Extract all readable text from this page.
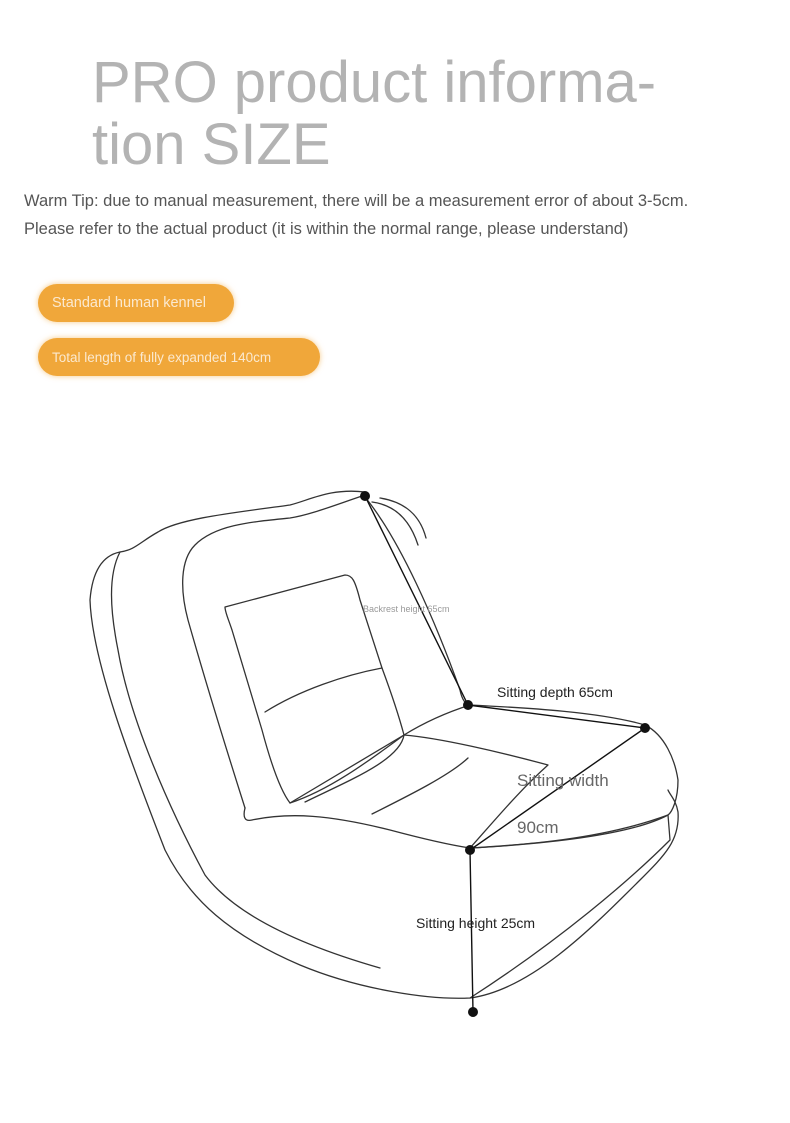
PRO product informa-tion SIZE

Warm Tip: due to manual measurement, there will be a measurement error of about 3-5cm.

Please refer to the actual product (it is within the normal range, please understand)

Standard human kennel
Total length of fully expanded 140cm
Backrest height 65cm
Sitting depth 65cm
Sitting width
90cm
Sitting height 25cm
